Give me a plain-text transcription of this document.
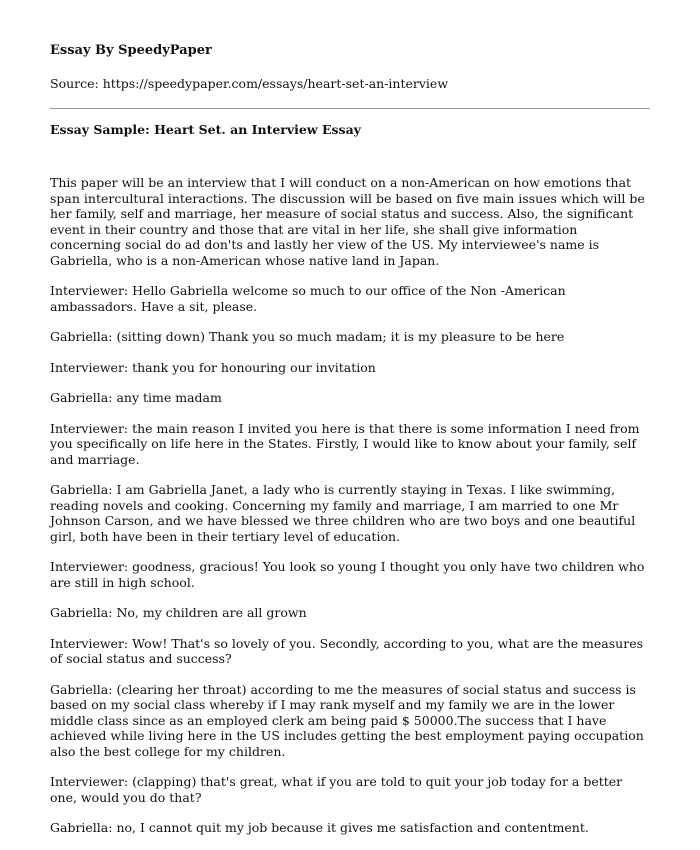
Essay By SpeedyPaper
Source: https://speedypaper.com/essays/heart-set-an-interview
Essay Sample: Heart Set. an Interview Essay

This paper will be an interview that I will conduct on a non-American on how emotions that span intercultural interactions. The discussion will be based on five main issues which will be her family, self and marriage, her measure of social status and success. Also, the significant event in their country and those that are vital in her life, she shall give information concerning social do ad don'ts and lastly her view of the US. My interviewee's name is Gabriella, who is a non-American whose native land in Japan.

Interviewer: Hello Gabriella welcome so much to our office of the Non -American ambassadors. Have a sit, please.

Gabriella: (sitting down) Thank you so much madam; it is my pleasure to be here

Interviewer: thank you for honouring our invitation

Gabriella: any time madam

Interviewer: the main reason I invited you here is that there is some information I need from you specifically on life here in the States. Firstly, I would like to know about your family, self and marriage.

Gabriella: I am Gabriella Janet, a lady who is currently staying in Texas. I like swimming, reading novels and cooking. Concerning my family and marriage, I am married to one Mr Johnson Carson, and we have blessed we three children who are two boys and one beautiful girl, both have been in their tertiary level of education.

Interviewer: goodness, gracious! You look so young I thought you only have two children who are still in high school.

Gabriella: No, my children are all grown

Interviewer: Wow! That's so lovely of you. Secondly, according to you, what are the measures of social status and success?

Gabriella: (clearing her throat) according to me the measures of social status and success is based on my social class whereby if I may rank myself and my family we are in the lower middle class since as an employed clerk am being paid $ 50000.The success that I have achieved while living here in the US includes getting the best employment paying occupation also the best college for my children.

Interviewer: (clapping) that's great, what if you are told to quit your job today for a better one, would you do that?

Gabriella: no, I cannot quit my job because it gives me satisfaction and contentment.
